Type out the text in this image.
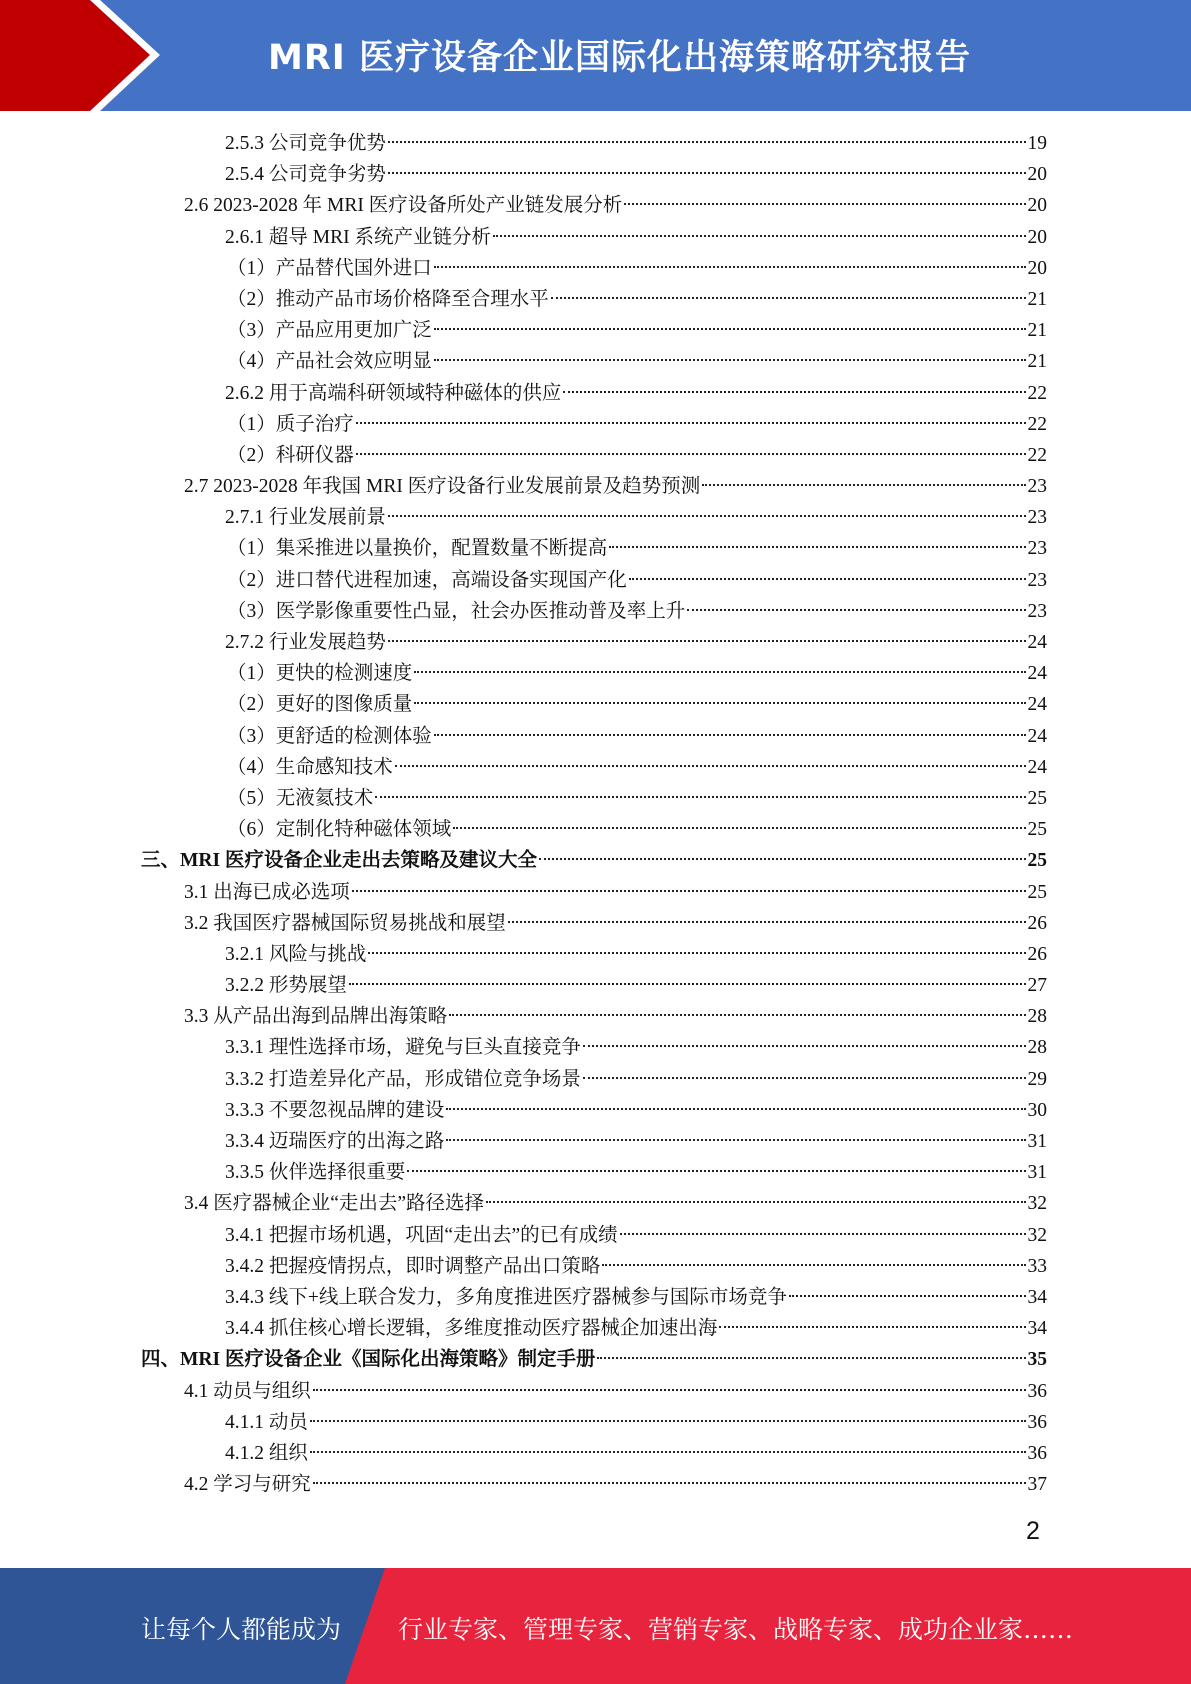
MRI 医疗设备企业国际化出海策略研究报告
2.5.3 公司竞争优势	19
2.5.4 公司竞争劣势	20
2.6 2023-2028 年 MRI 医疗设备所处产业链发展分析	20
2.6.1 超导 MRI 系统产业链分析	20
（1）产品替代国外进口	20
（2）推动产品市场价格降至合理水平	21
（3）产品应用更加广泛	21
（4）产品社会效应明显	21
2.6.2 用于高端科研领域特种磁体的供应	22
（1）质子治疗	22
（2）科研仪器	22
2.7 2023-2028 年我国 MRI 医疗设备行业发展前景及趋势预测	23
2.7.1 行业发展前景	23
（1）集采推进以量换价，配置数量不断提高	23
（2）进口替代进程加速，高端设备实现国产化	23
（3）医学影像重要性凸显，社会办医推动普及率上升	23
2.7.2 行业发展趋势	24
（1）更快的检测速度	24
（2）更好的图像质量	24
（3）更舒适的检测体验	24
（4）生命感知技术	24
（5）无液氦技术	25
（6）定制化特种磁体领域	25
三、MRI 医疗设备企业走出去策略及建议大全	25
3.1 出海已成必选项	25
3.2 我国医疗器械国际贸易挑战和展望	26
3.2.1 风险与挑战	26
3.2.2 形势展望	27
3.3 从产品出海到品牌出海策略	28
3.3.1 理性选择市场，避免与巨头直接竞争	28
3.3.2 打造差异化产品，形成错位竞争场景	29
3.3.3 不要忽视品牌的建设	30
3.3.4 迈瑞医疗的出海之路	31
3.3.5 伙伴选择很重要	31
3.4 医疗器械企业“走出去”路径选择	32
3.4.1 把握市场机遇，巩固“走出去”的已有成绩	32
3.4.2 把握疫情拐点，即时调整产品出口策略	33
3.4.3 线下+线上联合发力，多角度推进医疗器械参与国际市场竞争	34
3.4.4 抓住核心增长逻辑，多维度推动医疗器械企加速出海	34
四、MRI 医疗设备企业《国际化出海策略》制定手册	35
4.1 动员与组织	36
4.1.1 动员	36
4.1.2 组织	36
4.2 学习与研究	37
2
让每个人都能成为 行业专家、管理专家、营销专家、战略专家、成功企业家……
